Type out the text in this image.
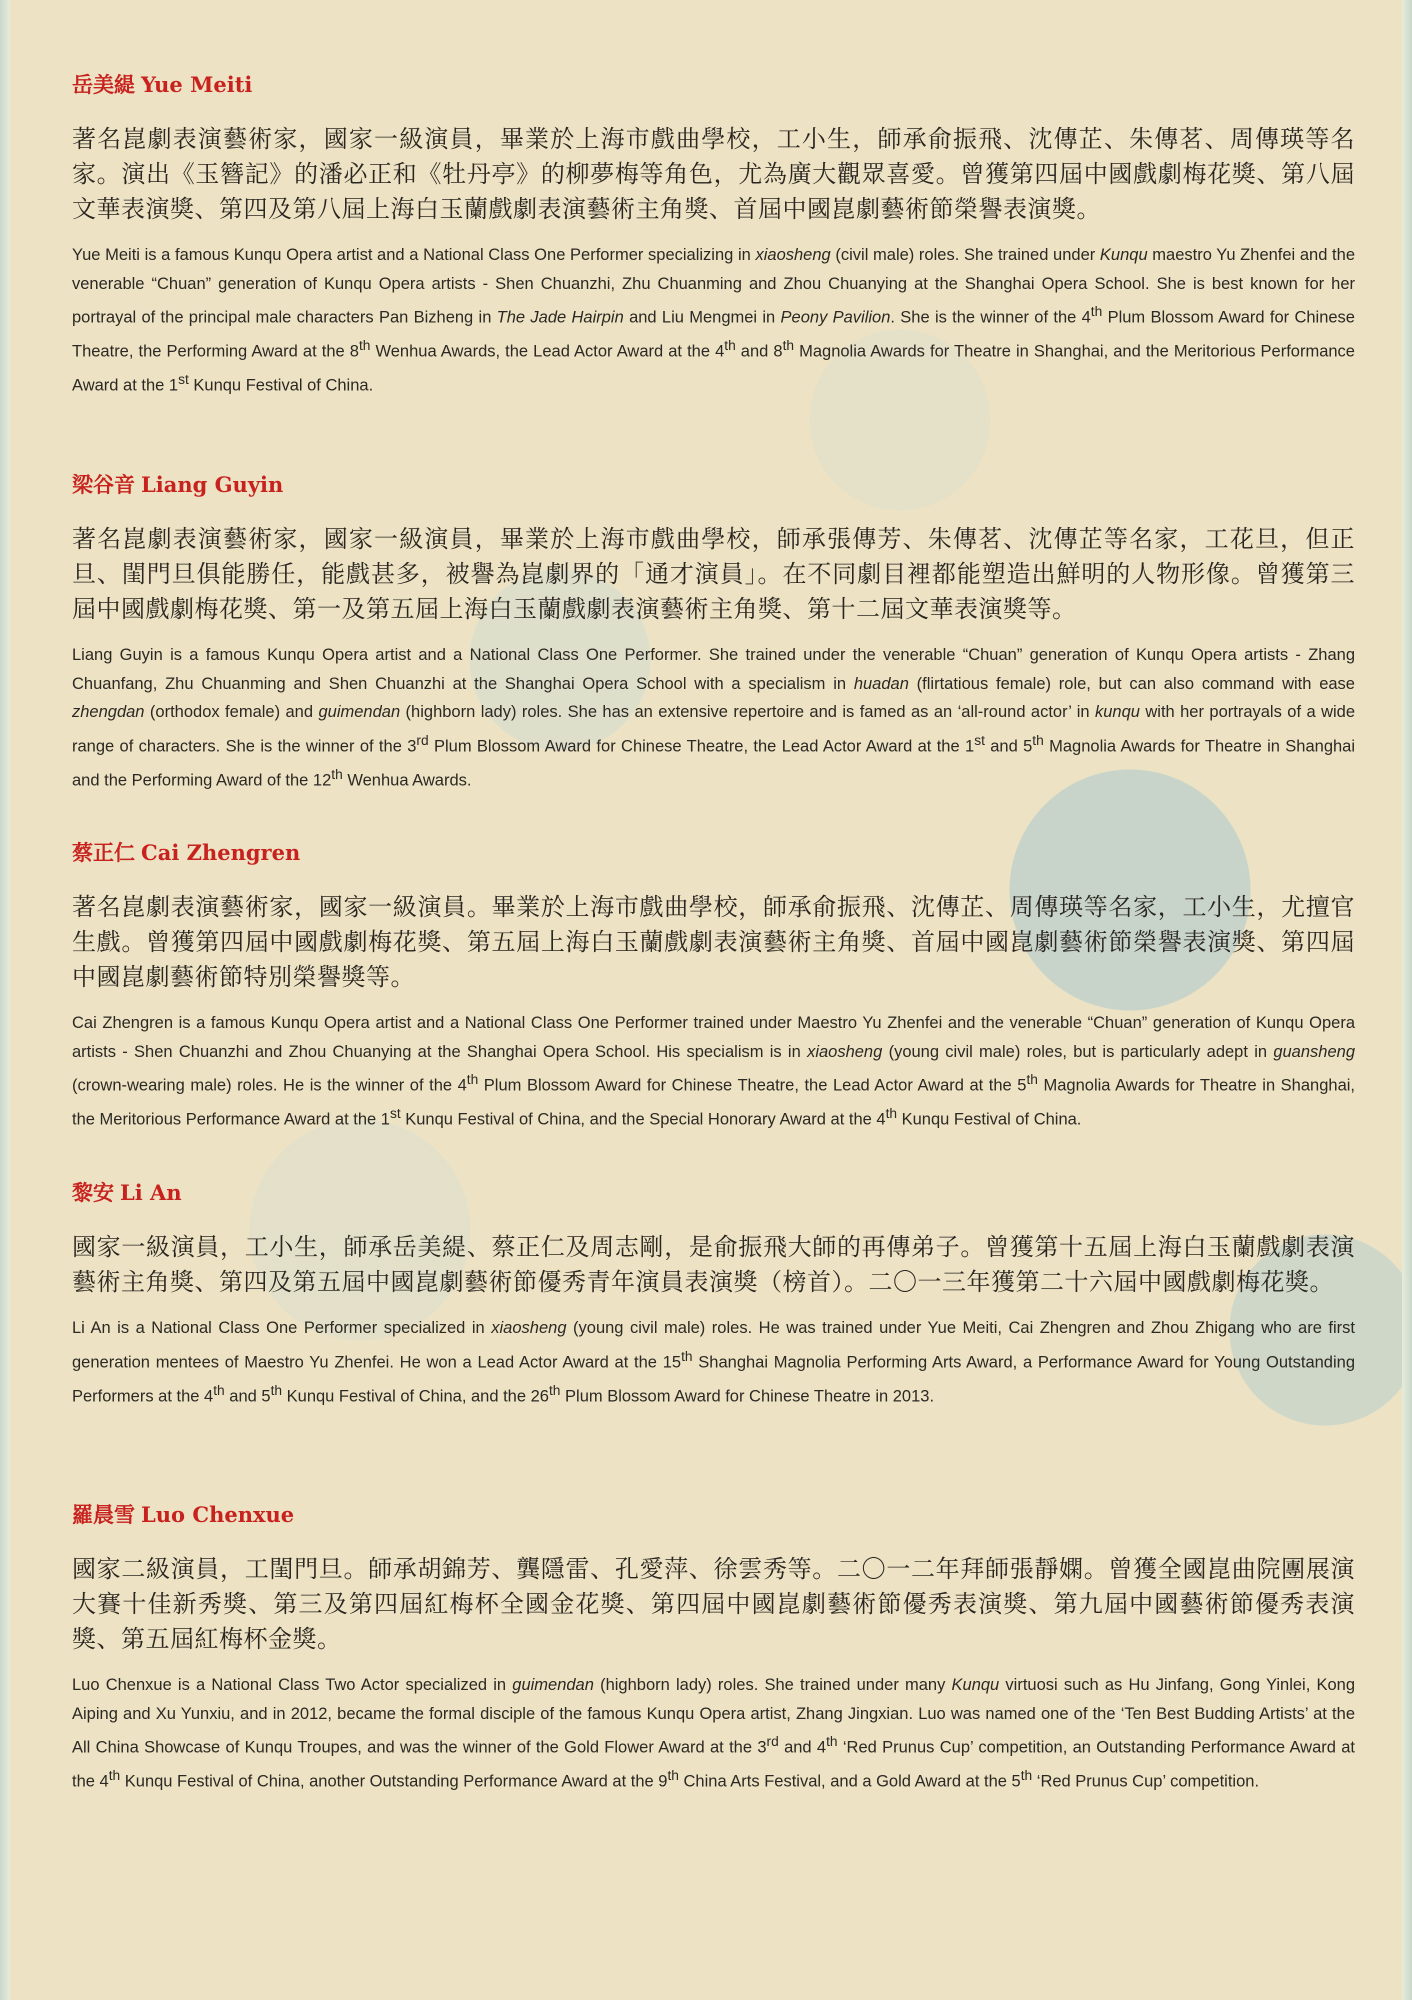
岳美緹 Yue Meiti

著名崑劇表演藝術家，國家一級演員，畢業於上海市戲曲學校，工小生，師承俞振飛、沈傳芷、朱傳茗、周傳瑛等名家。演出《玉簪記》的潘必正和《牡丹亭》的柳夢梅等角色，尤為廣大觀眾喜愛。曾獲第四屆中國戲劇梅花獎、第八屆文華表演獎、第四及第八屆上海白玉蘭戲劇表演藝術主角獎、首屆中國崑劇藝術節榮譽表演獎。

Yue Meiti is a famous Kunqu Opera artist and a National Class One Performer specializing in xiaosheng (civil male) roles. She trained under Kunqu maestro Yu Zhenfei and the venerable “Chuan” generation of Kunqu Opera artists - Shen Chuanzhi, Zhu Chuanming and Zhou Chuanying at the Shanghai Opera School. She is best known for her portrayal of the principal male characters Pan Bizheng in The Jade Hairpin and Liu Mengmei in Peony Pavilion. She is the winner of the 4th Plum Blossom Award for Chinese Theatre, the Performing Award at the 8th Wenhua Awards, the Lead Actor Award at the 4th and 8th Magnolia Awards for Theatre in Shanghai, and the Meritorious Performance Award at the 1st Kunqu Festival of China.

梁谷音 Liang Guyin

著名崑劇表演藝術家，國家一級演員，畢業於上海市戲曲學校，師承張傳芳、朱傳茗、沈傳芷等名家，工花旦，但正旦、閨門旦俱能勝任，能戲甚多，被譽為崑劇界的「通才演員」。在不同劇目裡都能塑造出鮮明的人物形像。曾獲第三屆中國戲劇梅花獎、第一及第五屆上海白玉蘭戲劇表演藝術主角獎、第十二屆文華表演獎等。

Liang Guyin is a famous Kunqu Opera artist and a National Class One Performer. She trained under the venerable “Chuan” generation of Kunqu Opera artists - Zhang Chuanfang, Zhu Chuanming and Shen Chuanzhi at the Shanghai Opera School with a specialism in huadan (flirtatious female) role, but can also command with ease zhengdan (orthodox female) and guimendan (highborn lady) roles. She has an extensive repertoire and is famed as an ‘all-round actor’ in kunqu with her portrayals of a wide range of characters. She is the winner of the 3rd Plum Blossom Award for Chinese Theatre, the Lead Actor Award at the 1st and 5th Magnolia Awards for Theatre in Shanghai and the Performing Award of the 12th Wenhua Awards.

蔡正仁 Cai Zhengren

著名崑劇表演藝術家，國家一級演員。畢業於上海市戲曲學校，師承俞振飛、沈傳芷、周傳瑛等名家，工小生，尤擅官生戲。曾獲第四屆中國戲劇梅花獎、第五屆上海白玉蘭戲劇表演藝術主角獎、首屆中國崑劇藝術節榮譽表演獎、第四屆中國崑劇藝術節特別榮譽獎等。

Cai Zhengren is a famous Kunqu Opera artist and a National Class One Performer trained under Maestro Yu Zhenfei and the venerable “Chuan” generation of Kunqu Opera artists - Shen Chuanzhi and Zhou Chuanying at the Shanghai Opera School. His specialism is in xiaosheng (young civil male) roles, but is particularly adept in guansheng (crown-wearing male) roles. He is the winner of the 4th Plum Blossom Award for Chinese Theatre, the Lead Actor Award at the 5th Magnolia Awards for Theatre in Shanghai, the Meritorious Performance Award at the 1st Kunqu Festival of China, and the Special Honorary Award at the 4th Kunqu Festival of China.

黎安 Li An

國家一級演員，工小生，師承岳美緹、蔡正仁及周志剛，是俞振飛大師的再傳弟子。曾獲第十五屆上海白玉蘭戲劇表演藝術主角獎、第四及第五屆中國崑劇藝術節優秀青年演員表演獎（榜首）。二〇一三年獲第二十六屆中國戲劇梅花獎。

Li An is a National Class One Performer specialized in xiaosheng (young civil male) roles. He was trained under Yue Meiti, Cai Zhengren and Zhou Zhigang who are first generation mentees of Maestro Yu Zhenfei. He won a Lead Actor Award at the 15th Shanghai Magnolia Performing Arts Award, a Performance Award for Young Outstanding Performers at the 4th and 5th Kunqu Festival of China, and the 26th Plum Blossom Award for Chinese Theatre in 2013.

羅晨雪 Luo Chenxue

國家二級演員，工閨門旦。師承胡錦芳、龔隱雷、孔愛萍、徐雲秀等。二〇一二年拜師張靜嫻。曾獲全國崑曲院團展演大賽十佳新秀獎、第三及第四屆紅梅杯全國金花獎、第四屆中國崑劇藝術節優秀表演獎、第九屆中國藝術節優秀表演獎、第五屆紅梅杯金獎。

Luo Chenxue is a National Class Two Actor specialized in guimendan (highborn lady) roles. She trained under many Kunqu virtuosi such as Hu Jinfang, Gong Yinlei, Kong Aiping and Xu Yunxiu, and in 2012, became the formal disciple of the famous Kunqu Opera artist, Zhang Jingxian. Luo was named one of the ‘Ten Best Budding Artists’ at the All China Showcase of Kunqu Troupes, and was the winner of the Gold Flower Award at the 3rd and 4th ‘Red Prunus Cup’ competition, an Outstanding Performance Award at the 4th Kunqu Festival of China, another Outstanding Performance Award at the 9th China Arts Festival, and a Gold Award at the 5th ‘Red Prunus Cup’ competition.
